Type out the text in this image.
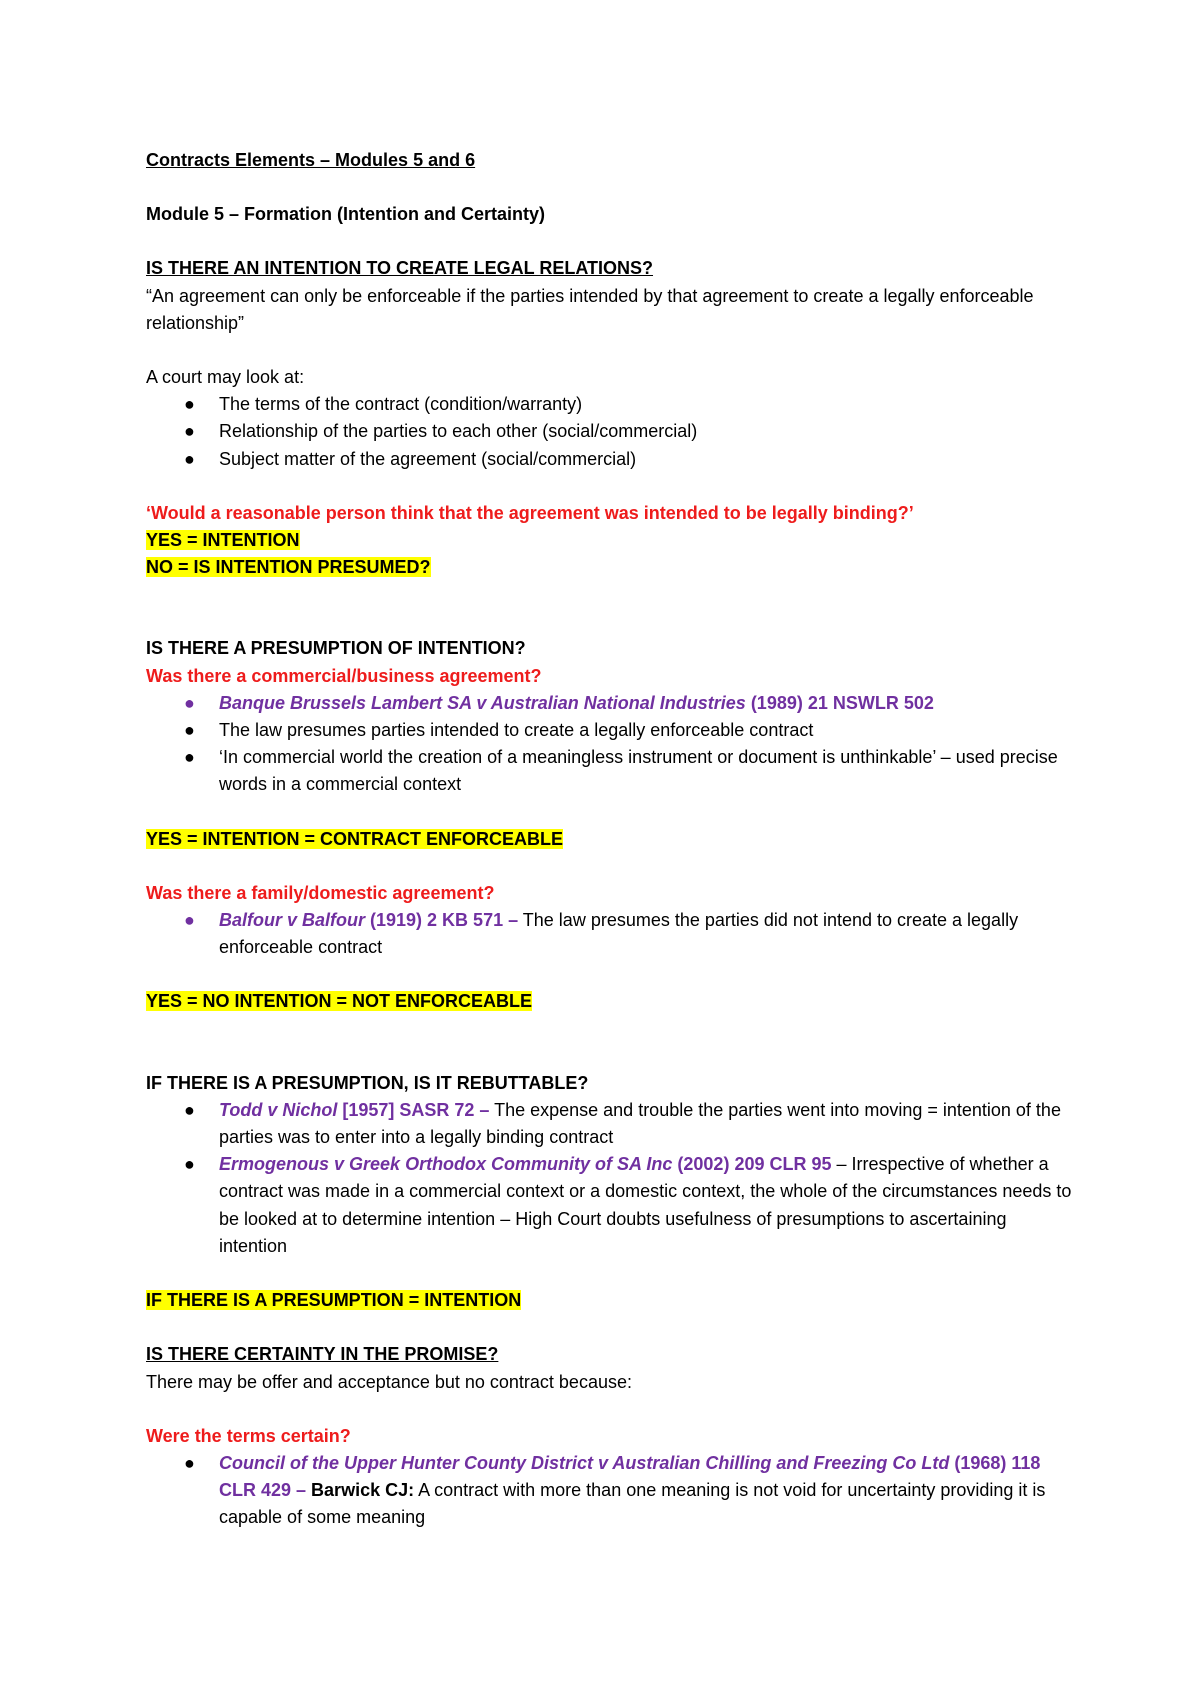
Contracts Elements – Modules 5 and 6

Module 5 – Formation (Intention and Certainty)

IS THERE AN INTENTION TO CREATE LEGAL RELATIONS?

“An agreement can only be enforceable if the parties intended by that agreement to create a legally enforceable relationship”

A court may look at:

●	The terms of the contract (condition/warranty)
●	Relationship of the parties to each other (social/commercial)
●	Subject matter of the agreement (social/commercial)

‘Would a reasonable person think that the agreement was intended to be legally binding?’

YES = INTENTION

NO = IS INTENTION PRESUMED?

IS THERE A PRESUMPTION OF INTENTION?

Was there a commercial/business agreement?

●	Banque Brussels Lambert SA v Australian National Industries (1989) 21 NSWLR 502
●	The law presumes parties intended to create a legally enforceable contract
●	‘In commercial world the creation of a meaningless instrument or document is unthinkable’ – used precise words in a commercial context

YES = INTENTION = CONTRACT ENFORCEABLE

Was there a family/domestic agreement?

●	Balfour v Balfour (1919) 2 KB 571 – The law presumes the parties did not intend to create a legally enforceable contract

YES = NO INTENTION = NOT ENFORCEABLE

IF THERE IS A PRESUMPTION, IS IT REBUTTABLE?

●	Todd v Nichol [1957] SASR 72 – The expense and trouble the parties went into moving = intention of the parties was to enter into a legally binding contract
●	Ermogenous v Greek Orthodox Community of SA Inc (2002) 209 CLR 95 – Irrespective of whether a contract was made in a commercial context or a domestic context, the whole of the circumstances needs to be looked at to determine intention – High Court doubts usefulness of presumptions to ascertaining intention

IF THERE IS A PRESUMPTION = INTENTION

IS THERE CERTAINTY IN THE PROMISE?

There may be offer and acceptance but no contract because:

Were the terms certain?

●	Council of the Upper Hunter County District v Australian Chilling and Freezing Co Ltd (1968) 118 CLR 429 – Barwick CJ: A contract with more than one meaning is not void for uncertainty providing it is capable of some meaning
